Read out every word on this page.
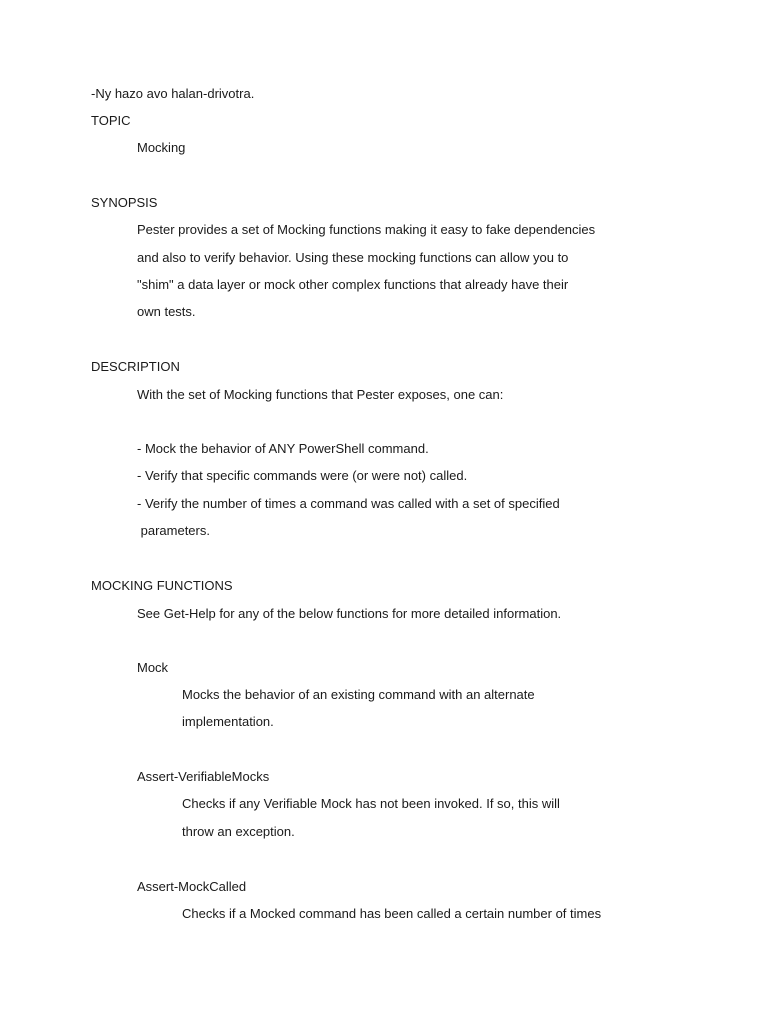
-Ny hazo avo halan-drivotra.

TOPIC

Mocking

SYNOPSIS

Pester provides a set of Mocking functions making it easy to fake dependencies

and also to verify behavior. Using these mocking functions can allow you to

"shim" a data layer or mock other complex functions that already have their

own tests.

DESCRIPTION

With the set of Mocking functions that Pester exposes, one can:

- Mock the behavior of ANY PowerShell command.

- Verify that specific commands were (or were not) called.

- Verify the number of times a command was called with a set of specified

parameters.

MOCKING FUNCTIONS

See Get-Help for any of the below functions for more detailed information.

Mock

Mocks the behavior of an existing command with an alternate

implementation.

Assert-VerifiableMocks

Checks if any Verifiable Mock has not been invoked. If so, this will

throw an exception.

Assert-MockCalled

Checks if a Mocked command has been called a certain number of times
